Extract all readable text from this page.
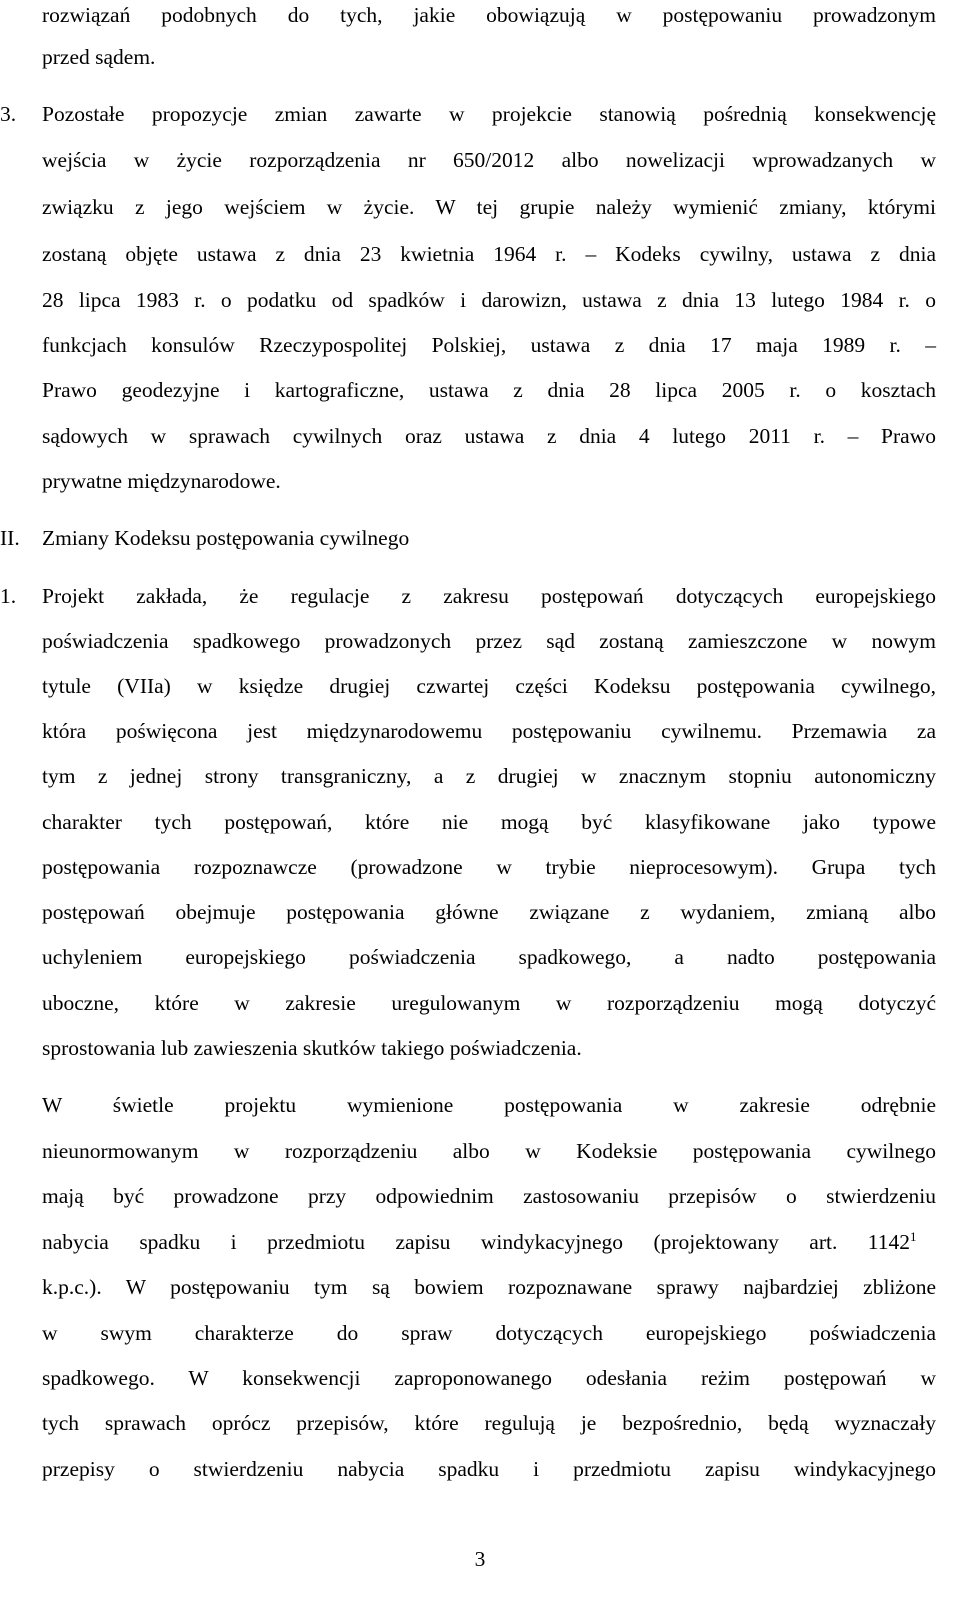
rozwiązań podobnych do tych, jakie obowiązują w postępowaniu prowadzonym
przed sądem.
3. Pozostałe propozycje zmian zawarte w projekcie stanowią pośrednią konsekwencję
wejścia w życie rozporządzenia nr 650/2012 albo nowelizacji wprowadzanych w
związku z jego wejściem w życie. W tej grupie należy wymienić zmiany, którymi
zostaną objęte ustawa z dnia 23 kwietnia 1964 r. – Kodeks cywilny, ustawa z dnia
28 lipca 1983 r. o podatku od spadków i darowizn, ustawa z dnia 13 lutego 1984 r. o
funkcjach konsulów Rzeczypospolitej Polskiej, ustawa z dnia 17 maja 1989 r. –
Prawo geodezyjne i kartograficzne, ustawa z dnia 28 lipca 2005 r. o kosztach
sądowych w sprawach cywilnych oraz ustawa z dnia 4 lutego 2011 r. – Prawo
prywatne międzynarodowe.
II. Zmiany Kodeksu postępowania cywilnego
1. Projekt zakłada, że regulacje z zakresu postępowań dotyczących europejskiego
poświadczenia spadkowego prowadzonych przez sąd zostaną zamieszczone w nowym
tytule (VIIa) w księdze drugiej czwartej części Kodeksu postępowania cywilnego,
która poświęcona jest międzynarodowemu postępowaniu cywilnemu. Przemawia za
tym z jednej strony transgraniczny, a z drugiej w znacznym stopniu autonomiczny
charakter tych postępowań, które nie mogą być klasyfikowane jako typowe
postępowania rozpoznawcze (prowadzone w trybie nieprocesowym). Grupa tych
postępowań obejmuje postępowania główne związane z wydaniem, zmianą albo
uchyleniem europejskiego poświadczenia spadkowego, a nadto postępowania
uboczne, które w zakresie uregulowanym w rozporządzeniu mogą dotyczyć
sprostowania lub zawieszenia skutków takiego poświadczenia.
W świetle projektu wymienione postępowania w zakresie odrębnie
nieunormowanym w rozporządzeniu albo w Kodeksie postępowania cywilnego
mają być prowadzone przy odpowiednim zastosowaniu przepisów o stwierdzeniu
nabycia spadku i przedmiotu zapisu windykacyjnego (projektowany art. 1142$^1$
k.p.c.). W postępowaniu tym są bowiem rozpoznawane sprawy najbardziej zbliżone
w swym charakterze do spraw dotyczących europejskiego poświadczenia
spadkowego. W konsekwencji zaproponowanego odesłania reżim postępowań w
tych sprawach oprócz przepisów, które regulują je bezpośrednio, będą wyznaczały
przepisy o stwierdzeniu nabycia spadku i przedmiotu zapisu windykacyjnego
3
